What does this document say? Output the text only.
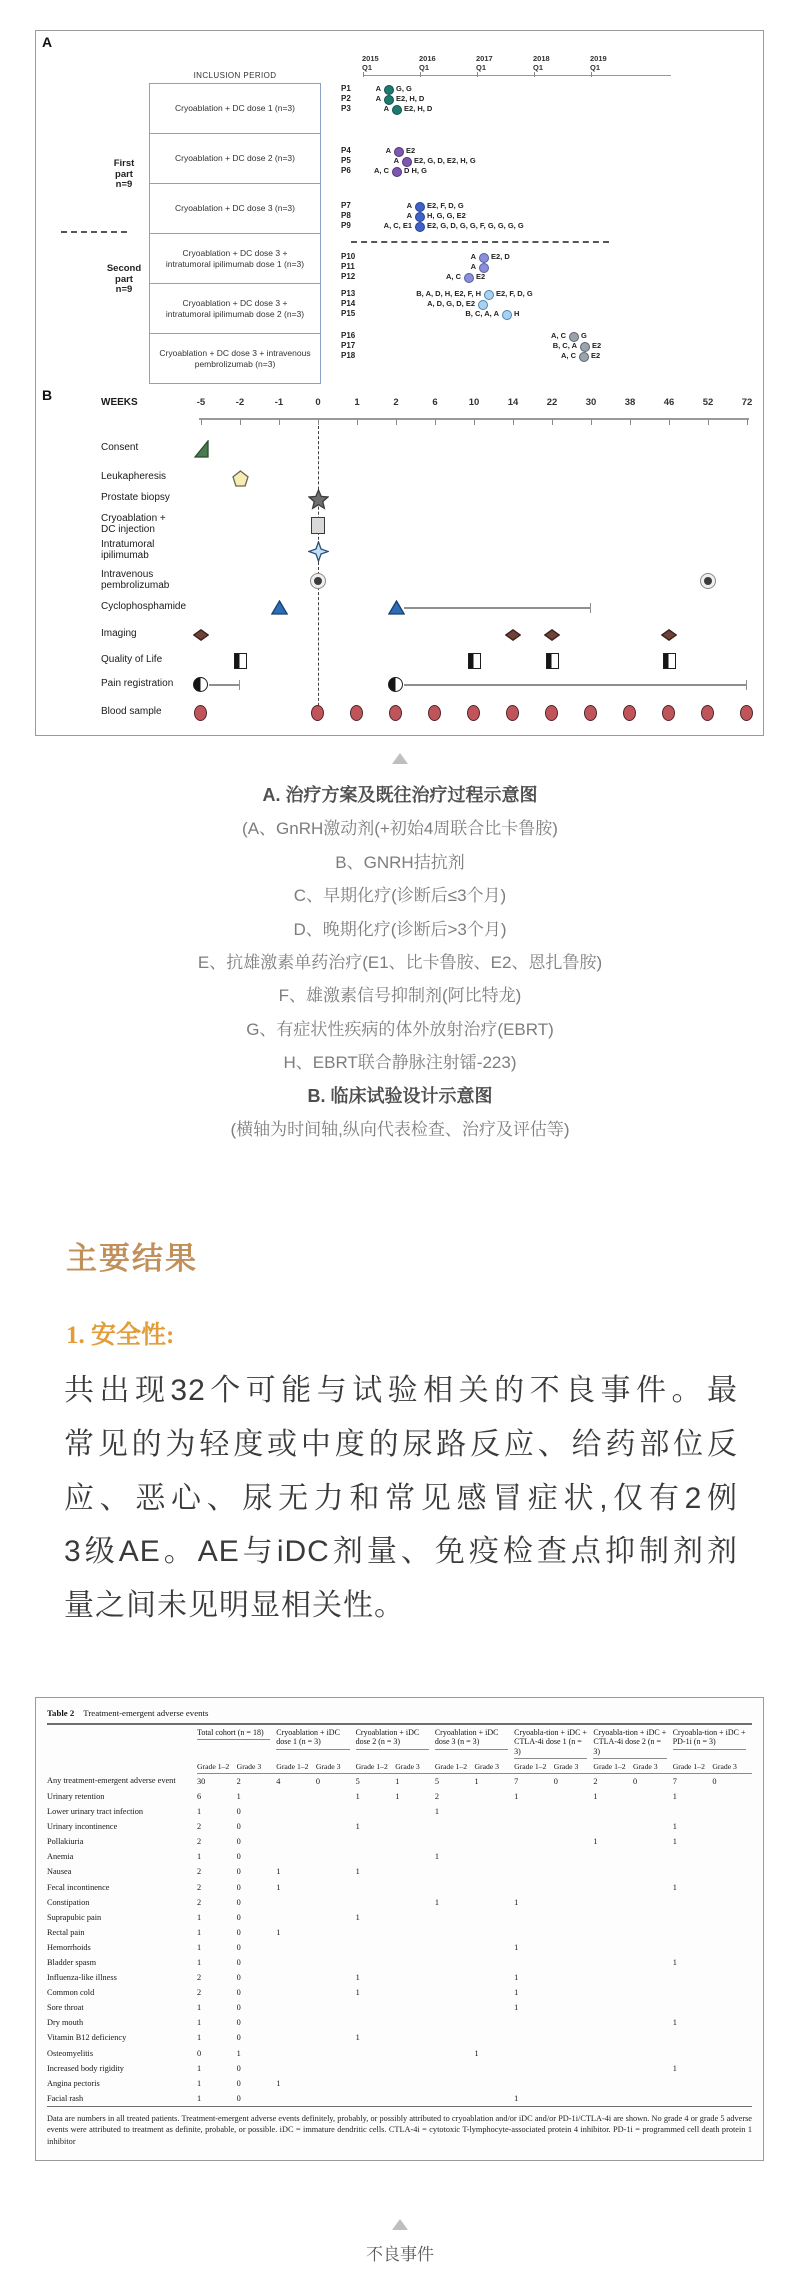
A
INCLUSION PERIOD
B	WEEKS
Cryoablation + DC dose 1 (n=3)
Cryoablation + DC dose 2 (n=3)
Cryoablation + DC dose 3 (n=3)
Cryoablation + DC dose 3 +
intratumoral ipilimumab dose 1 (n=3)
Cryoablation + DC dose 3 +
intratumoral ipilimumab dose 2 (n=3)
Cryoablation + DC dose 3 + intravenous
pembrolizumab (n=3)
First
part
n=9
Second
part
n=9
2015
Q1
2016
Q1
2017
Q1
2018
Q1
2019
Q1
P1	A G, G
P2	A E2, H, D
P3	A E2, H, D
P4	A E2
P5	A E2, G, D, E2, H, G
P6	A, C D H, G
P7	A E2, F, D, G
P8	A H, G, G, E2
P9	A, C, E1 E2, G, D, G, G, F, G, G, G, G
P10	A E2, D
P11	A
P12	A, C E2
P13	B, A, D, H, E2, F, H E2, F, D, G
P14	A, D, G, D, E2
P15	B, C, A, A H
P16	A, C G
P17	B, C, A E2
P18	A, C E2
-5	-2	-1	0	1	2	6	10	14	22	30	38	46	52	72
Consent
Leukapheresis
Prostate biopsy
Cryoablation +
DC injection
Intratumoral
ipilimumab
Intravenous
pembrolizumab
Cyclophosphamide
Imaging
Quality of Life
Pain registration
Blood sample
A. 治疗方案及既往治疗过程示意图
(A、GnRH激动剂(+初始4周联合比卡鲁胺)
B、GNRH拮抗剂
C、早期化疗(诊断后≤3个月)
D、晚期化疗(诊断后>3个月)
E、抗雄激素单药治疗(E1、比卡鲁胺、E2、恩扎鲁胺)
F、雄激素信号抑制剂(阿比特龙)
G、有症状性疾病的体外放射治疗(EBRT)
H、EBRT联合静脉注射镭-223)
B. 临床试验设计示意图
(横轴为时间轴,纵向代表检查、治疗及评估等)
主要结果
1. 安全性:
共出现32个可能与试验相关的不良事件。最
常见的为轻度或中度的尿路反应、给药部位反
应、恶心、尿无力和常见感冒症状,仅有2例
3级AE。AE与iDC剂量、免疫检查点抑制剂剂
量之间未见明显相关性。
Table 2 Treatment-emergent adverse events

	Total cohort (n = 18)		Cryoablation + iDC dose 1 (n = 3)		Cryoablation + iDC dose 2 (n = 3)		Cryoablation + iDC dose 3 (n = 3)		Cryoabla-tion + iDC + CTLA-4i dose 1 (n = 3)		Cryoabla-tion + iDC + CTLA-4i dose 2 (n = 3)		Cryoabla-tion + iDC + PD-1i (n = 3)	

	Grade 1–2	Grade 3	Grade 1–2	Grade 3	Grade 1–2	Grade 3	Grade 1–2	Grade 3	Grade 1–2	Grade 3	Grade 1–2	Grade 3	Grade 1–2	Grade 3
Any treatment-emergent adverse event	30	2	4	0	5	1	5	1	7	0	2	0	7	0
Urinary retention	6	1			1	1	2		1		1		1	
Lower urinary tract infection	1	0					1							
Urinary incontinence	2	0			1								1	
Pollakiuria	2	0									1		1	
Anemia	1	0					1							
Nausea	2	0	1		1									
Fecal incontinence	2	0	1										1	
Constipation	2	0					1		1					
Suprapubic pain	1	0			1									
Rectal pain	1	0	1											
Hemorrhoids	1	0							1					
Bladder spasm	1	0											1	
Influenza-like illness	2	0			1				1					
Common cold	2	0			1				1					
Sore throat	1	0							1					
Dry mouth	1	0											1	
Vitamin B12 deficiency	1	0			1									
Osteomyelitis	0	1						1						
Increased body rigidity	1	0											1	
Angina pectoris	1	0	1											
Facial rash	1	0							1					
Data are numbers in all treated patients. Treatment-emergent adverse events definitely, probably, or possibly attributed to cryoablation and/or iDC and/or PD-1i/CTLA-4i are shown. No grade 4 or grade 5 adverse events were attributed to treatment as definite, probable, or possible. iDC = immature dendritic cells. CTLA-4i = cytotoxic T-lymphocyte-associated protein 4 inhibitor. PD-1i = programmed cell death protein 1 inhibitor
不良事件
